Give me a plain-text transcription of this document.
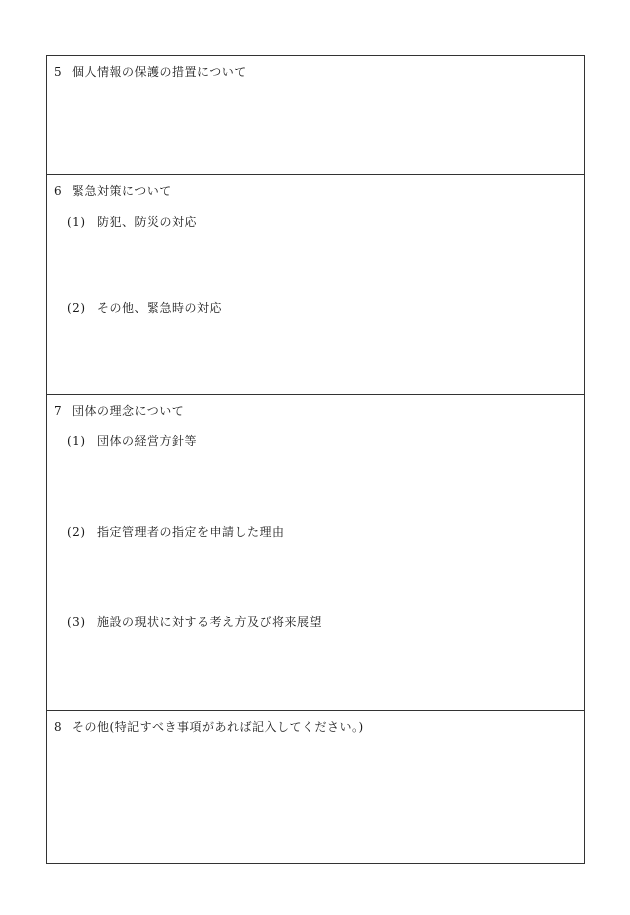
5 個人情報の保護の措置について
6 緊急対策について
(1) 防犯、防災の対応
(2) その他、緊急時の対応
7 団体の理念について
(1) 団体の経営方針等
(2) 指定管理者の指定を申請した理由
(3) 施設の現状に対する考え方及び将来展望
8 その他(特記すべき事項があれば記入してください。)
